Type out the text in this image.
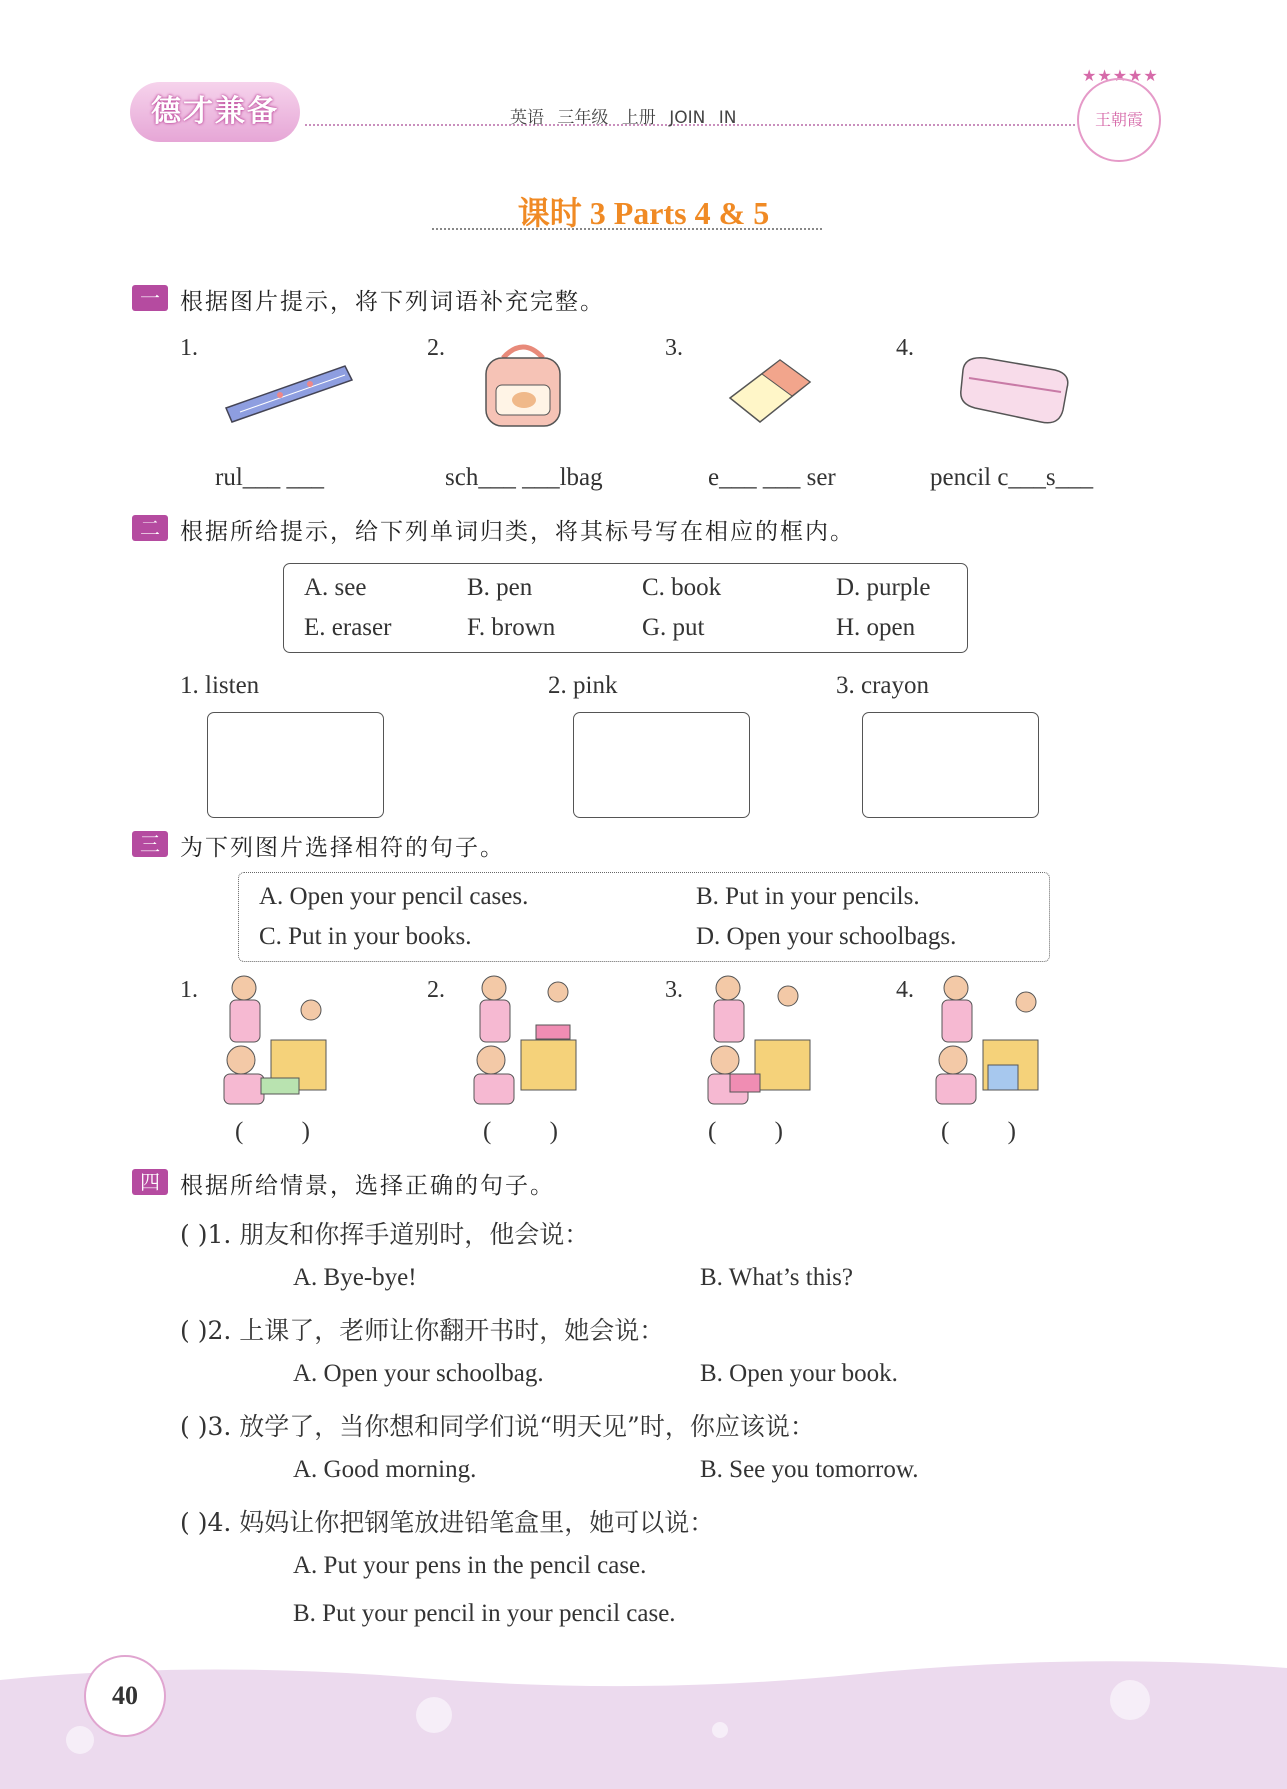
德才兼备	英语 三年级 上册 JOIN IN
★★★★★
王朝霞
课时 3 Parts 4 & 5
一 根据图片提示，将下列词语补充完整。
1.	2.	3.	4.
rul___ ___	sch___ ___lbag	e___ ___ ser	pencil c___s___
二 根据所给提示，给下列单词归类，将其标号写在相应的框内。
A. see	B. pen	C. book	D. purple
E. eraser	F. brown	G. put	H. open
1. listen	2. pink	3. crayon
三 为下列图片选择相符的句子。
A. Open your pencil cases.	B. Put in your pencils.
C. Put in your books.	D. Open your schoolbags.
1.	2.	3.	4.
( )	( )	( )	( )
四 根据所给情景，选择正确的句子。
( )1. 朋友和你挥手道别时，他会说：
A. Bye-bye!	B. What’s this?
( )2. 上课了，老师让你翻开书时，她会说：
A. Open your schoolbag.	B. Open your book.
( )3. 放学了，当你想和同学们说“明天见”时，你应该说：
A. Good morning.	B. See you tomorrow.
( )4. 妈妈让你把钢笔放进铅笔盒里，她可以说：
A. Put your pens in the pencil case.
B. Put your pencil in your pencil case.
40
